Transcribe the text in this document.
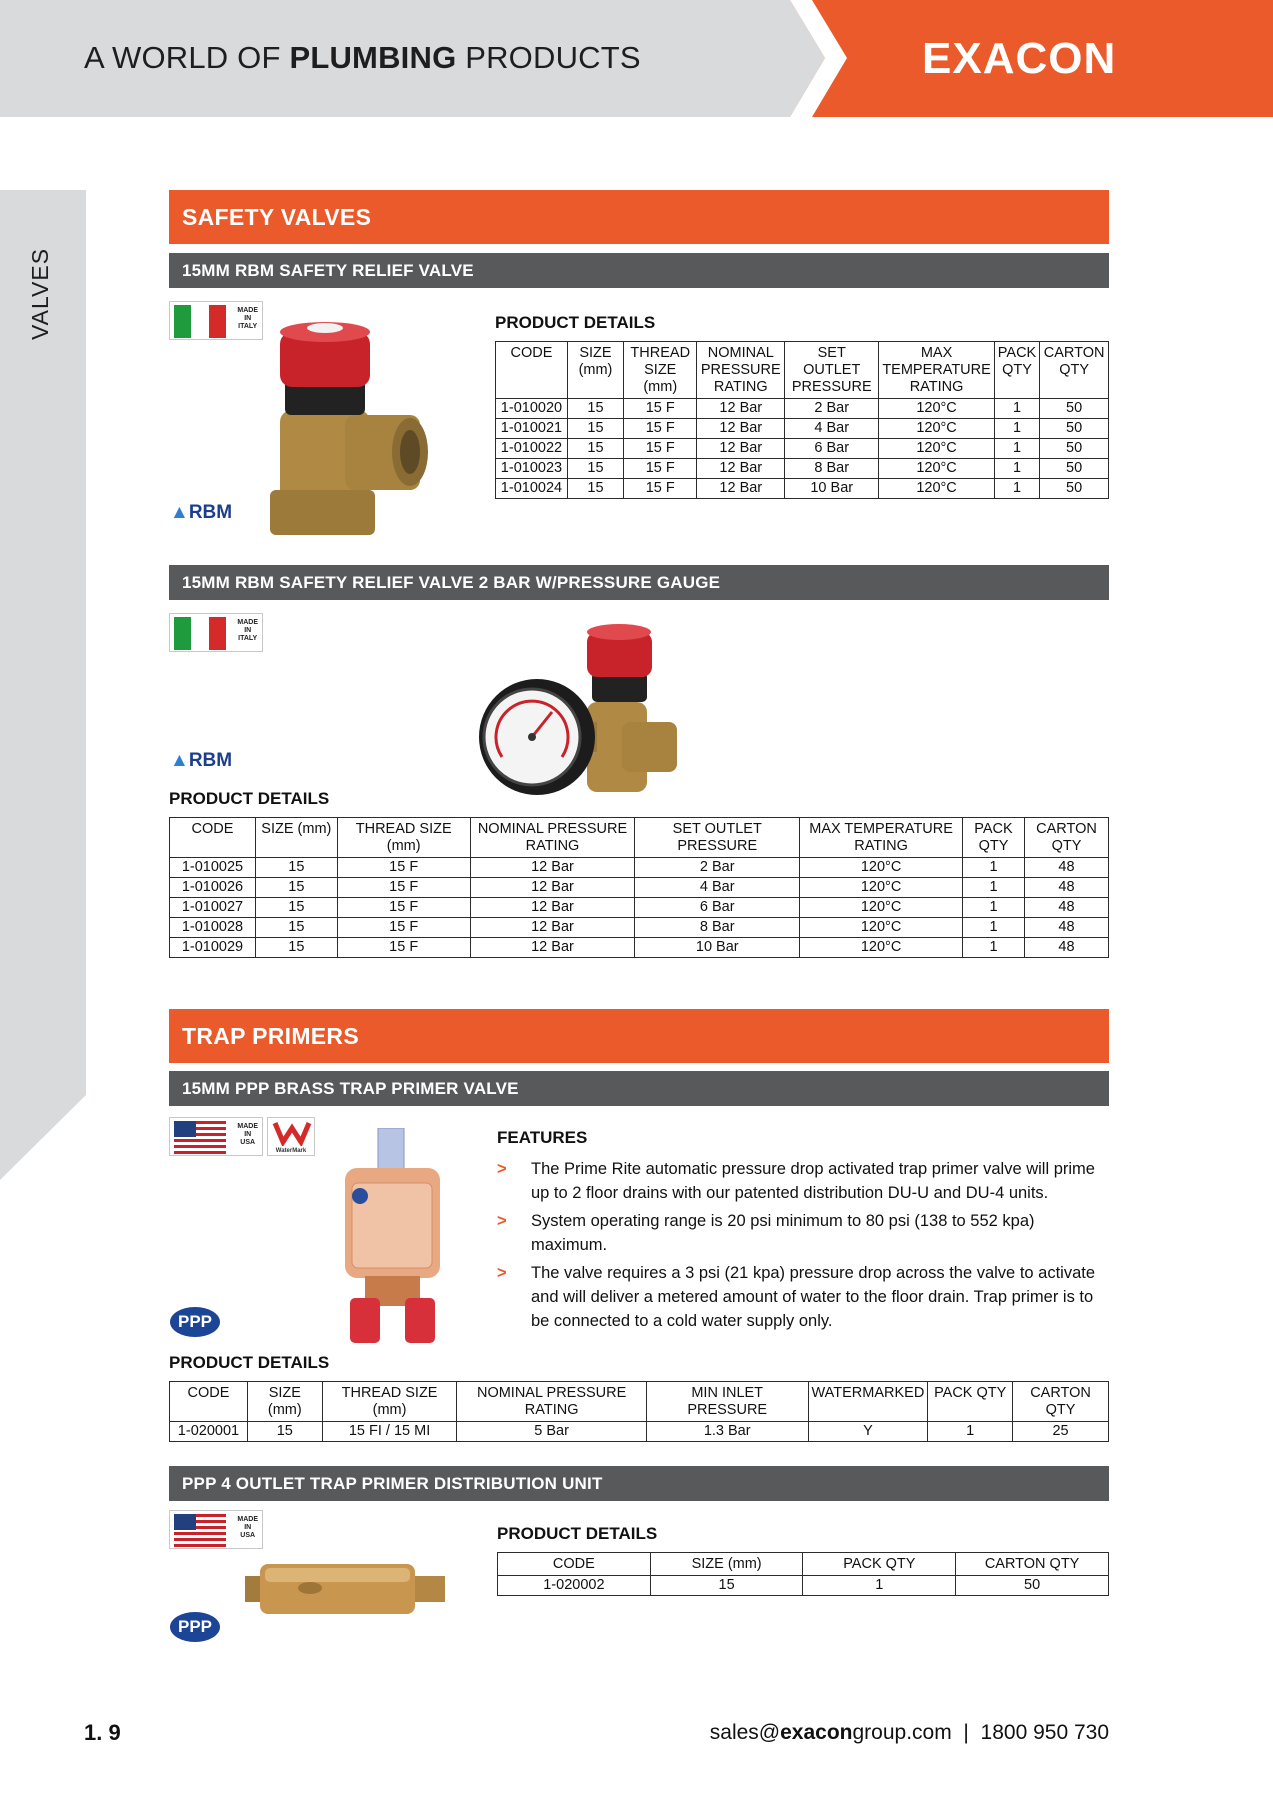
A WORLD OF PLUMBING PRODUCTS	EXACON
VALVES
SAFETY VALVES
15MM RBM SAFETY RELIEF VALVE
MADE
IN
ITALY
▲RBM
PRODUCT DETAILS
CODE	SIZE (mm)	THREAD SIZE (mm)	NOMINAL PRESSURE RATING	SET OUTLET PRESSURE	MAX TEMPERATURE RATING	PACK QTY	CARTON QTY
1-010020	15	15 F	12 Bar	2 Bar	120°C	1	50
1-010021	15	15 F	12 Bar	4 Bar	120°C	1	50
1-010022	15	15 F	12 Bar	6 Bar	120°C	1	50
1-010023	15	15 F	12 Bar	8 Bar	120°C	1	50
1-010024	15	15 F	12 Bar	10 Bar	120°C	1	50
15MM RBM SAFETY RELIEF VALVE 2 BAR W/PRESSURE GAUGE
MADE
IN
ITALY
▲RBM
PRODUCT DETAILS
CODE	SIZE (mm)	THREAD SIZE (mm)	NOMINAL PRESSURE RATING	SET OUTLET PRESSURE	MAX TEMPERATURE RATING	PACK QTY	CARTON QTY
1-010025	15	15 F	12 Bar	2 Bar	120°C	1	48
1-010026	15	15 F	12 Bar	4 Bar	120°C	1	48
1-010027	15	15 F	12 Bar	6 Bar	120°C	1	48
1-010028	15	15 F	12 Bar	8 Bar	120°C	1	48
1-010029	15	15 F	12 Bar	10 Bar	120°C	1	48
TRAP PRIMERS
15MM PPP BRASS TRAP PRIMER VALVE
MADE
IN
USA
WaterMark
PPP
FEATURES
> The Prime Rite automatic pressure drop activated trap primer valve will prime up to 2 floor drains with our patented distribution DU-U and DU-4 units.
> System operating range is 20 psi minimum to 80 psi (138 to 552 kpa) maximum.
> The valve requires a 3 psi (21 kpa) pressure drop across the valve to activate and will deliver a metered amount of water to the floor drain. Trap primer is to be connected to a cold water supply only.
PRODUCT DETAILS
CODE	SIZE (mm)	THREAD SIZE (mm)	NOMINAL PRESSURE RATING	MIN INLET PRESSURE	WATERMARKED	PACK QTY	CARTON QTY
1-020001	15	15 FI / 15 MI	5 Bar	1.3 Bar	Y	1	25
PPP 4 OUTLET TRAP PRIMER DISTRIBUTION UNIT
MADE
IN
USA
PPP
PRODUCT DETAILS
CODE	SIZE (mm)	PACK QTY	CARTON QTY
1-020002	15	1	50
1. 9	sales@exacongroup.com | 1800 950 730
